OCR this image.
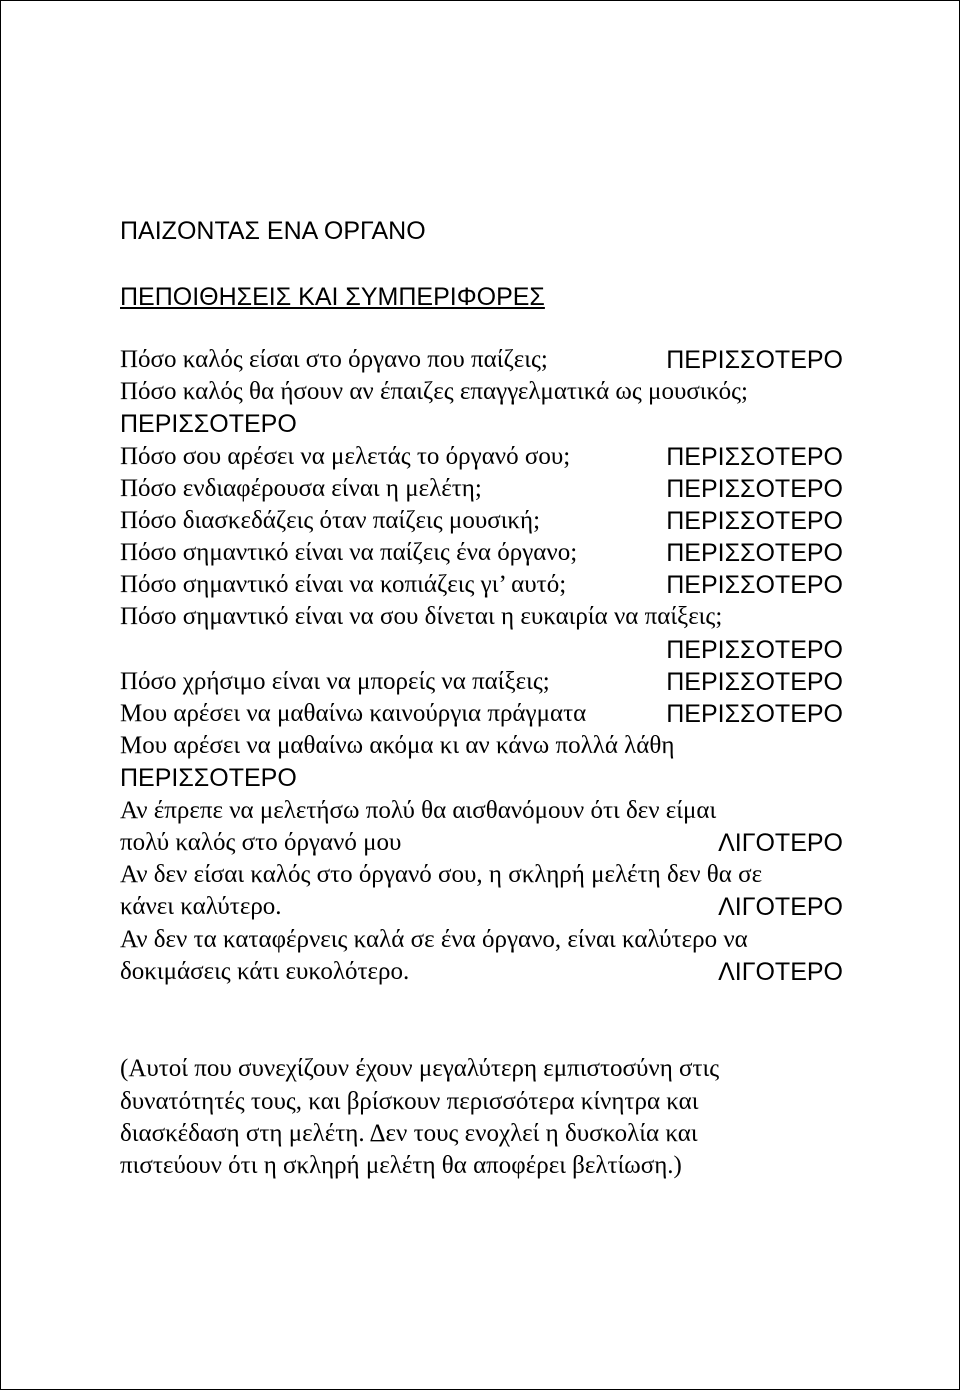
ΠΑΙΖΟΝΤΑΣ ΕΝΑ ΟΡΓΑΝΟ
ΠΕΠΟΙΘΗΣΕΙΣ ΚΑΙ ΣΥΜΠΕΡΙΦΟΡΕΣ
Πόσο καλός είσαι στο όργανο που παίζεις;	ΠΕΡΙΣΣΟΤΕΡΟ
Πόσο καλός θα ήσουν αν έπαιζες επαγγελματικά ως μουσικός;
ΠΕΡΙΣΣΟΤΕΡΟ
Πόσο σου αρέσει να μελετάς το όργανό σου;	ΠΕΡΙΣΣΟΤΕΡΟ
Πόσο ενδιαφέρουσα είναι η μελέτη;	ΠΕΡΙΣΣΟΤΕΡΟ
Πόσο διασκεδάζεις όταν παίζεις μουσική;	ΠΕΡΙΣΣΟΤΕΡΟ
Πόσο σημαντικό είναι να παίζεις ένα όργανο;	ΠΕΡΙΣΣΟΤΕΡΟ
Πόσο σημαντικό είναι να κοπιάζεις γι’ αυτό;	ΠΕΡΙΣΣΟΤΕΡΟ
Πόσο σημαντικό είναι να σου δίνεται η ευκαιρία να παίξεις;
ΠΕΡΙΣΣΟΤΕΡΟ
Πόσο χρήσιμο είναι να μπορείς να παίξεις;	ΠΕΡΙΣΣΟΤΕΡΟ
Μου αρέσει να μαθαίνω καινούργια πράγματα	ΠΕΡΙΣΣΟΤΕΡΟ
Μου αρέσει να μαθαίνω ακόμα κι αν κάνω πολλά λάθη
ΠΕΡΙΣΣΟΤΕΡΟ
Αν έπρεπε να μελετήσω πολύ θα αισθανόμουν ότι δεν είμαι
πολύ καλός στο όργανό μου	ΛΙΓΟΤΕΡΟ
Αν δεν είσαι καλός στο όργανό σου, η σκληρή μελέτη δεν θα σε
κάνει καλύτερο.	ΛΙΓΟΤΕΡΟ
Αν δεν τα καταφέρνεις καλά σε ένα όργανο, είναι καλύτερο να
δοκιμάσεις κάτι ευκολότερο.	ΛΙΓΟΤΕΡΟ
(Αυτοί που συνεχίζουν έχουν μεγαλύτερη εμπιστοσύνη στις
δυνατότητές τους, και βρίσκουν περισσότερα κίνητρα και
διασκέδαση στη μελέτη. Δεν τους ενοχλεί η δυσκολία και
πιστεύουν ότι η σκληρή μελέτη θα αποφέρει βελτίωση.)
